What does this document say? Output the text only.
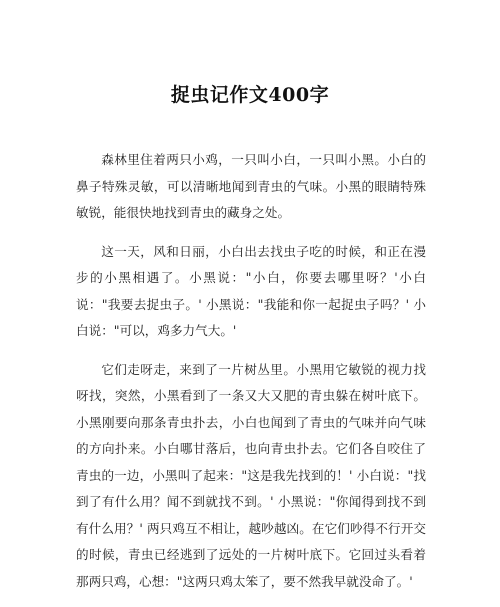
捉虫记作文400字

森林里住着两只小鸡，一只叫小白，一只叫小黑。小白的鼻子特殊灵敏，可以清晰地闻到青虫的气味。小黑的眼睛特殊敏锐，能很快地找到青虫的藏身之处。

这一天，风和日丽，小白出去找虫子吃的时候，和正在漫步的小黑相遇了。小黑说："小白，你要去哪里呀？'小白说："我要去捉虫子。' 小黑说："我能和你一起捉虫子吗？' 小白说："可以，鸡多力气大。'

它们走呀走，来到了一片树丛里。小黑用它敏锐的视力找呀找，突然，小黑看到了一条又大又肥的青虫躲在树叶底下。小黑刚要向那条青虫扑去，小白也闻到了青虫的气味并向气味的方向扑来。小白哪甘落后，也向青虫扑去。它们各自咬住了青虫的一边，小黑叫了起来："这是我先找到的！' 小白说："找到了有什么用？闻不到就找不到。' 小黑说："你闻得到找不到有什么用？' 两只鸡互不相让，越吵越凶。在它们吵得不行开交的时候，青虫已经逃到了远处的一片树叶底下。它回过头看着那两只鸡，心想："这两只鸡太笨了，要不然我早就没命了。'
